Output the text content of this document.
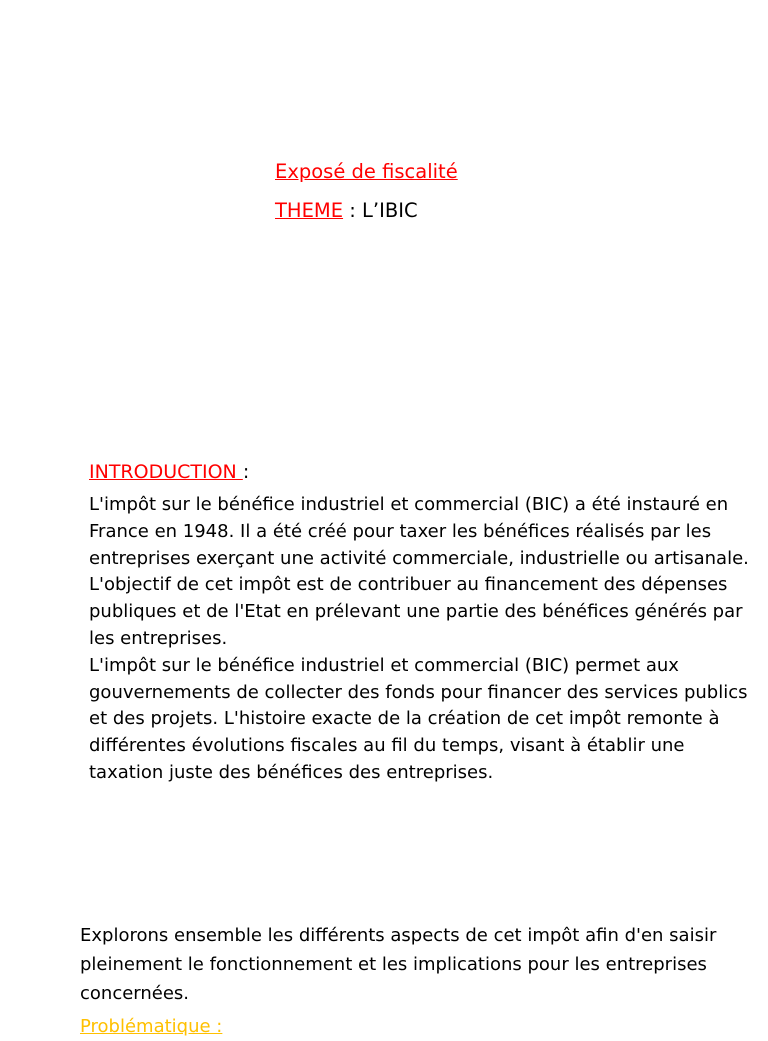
Exposé de fiscalité
THEME : L’IBIC
INTRODUCTION :

L'impôt sur le bénéfice industriel et commercial (BIC) a été instauré en France en 1948. Il a été créé pour taxer les bénéfices réalisés par les entreprises exerçant une activité commerciale, industrielle ou artisanale. L'objectif de cet impôt est de contribuer au financement des dépenses publiques et de l'Etat en prélevant une partie des bénéfices générés par les entreprises.

L'impôt sur le bénéfice industriel et commercial (BIC) permet aux gouvernements de collecter des fonds pour financer des services publics et des projets. L'histoire exacte de la création de cet impôt remonte à différentes évolutions fiscales au fil du temps, visant à établir une taxation juste des bénéfices des entreprises.

Explorons ensemble les différents aspects de cet impôt afin d'en saisir pleinement le fonctionnement et les implications pour les entreprises concernées.
Problématique :
